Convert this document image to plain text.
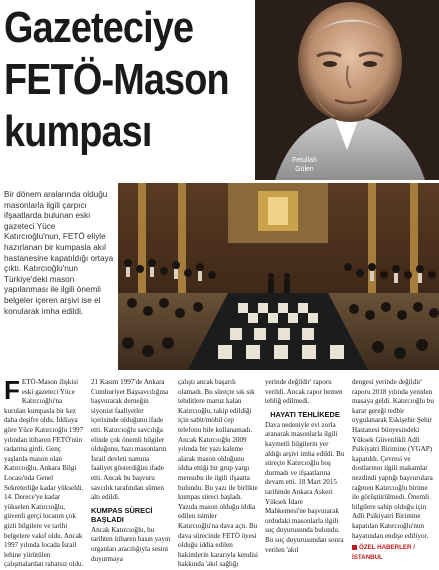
Gazeteciye
FETÖ-Mason
kumpası
Fetullah
Gülen

Bir dönem aralarında olduğu masonlarla ilgili çarpıcı ifşaatlarda bulunan eski gazeteci Yüce Katırcıoğlu'nun, FETÖ eliyle hazırlanan bir kumpasla akıl hastanesine kapatıldığı ortaya çıktı. Katırcıoğlu'nun Türkiye'deki mason yapılanması ile ilgili önemli belgeler içeren arşivi ise el konularak imha edildi.

FETÖ-Mason ilişkisi eski gazeteci Yüce Katırcıoğlu'na kurulan kumpasla bir kez daha deşifre oldu. İddiaya göre Yüce Katırcıoğlu 1997 yılından itibaren FETÖ'nün radarına girdi. Genç yaşlarda mason olan Katırcıoğlu, Ankara Bilgi Locası'nda Genel Sekreterliğe kadar yükseldi. 14. Derece'ye kadar yükselen Katırcıoğlu, güvenli gerçi locanın çok gizli bilgilere ve tarihi belgelere vakıf oldu. Ancak 1997 yılında locada İsrail lehine yürütülen çalışmalardan rahatsız oldu.

21 Kasım 1997'de Ankara Cumhuriyet Başsavcılığına başvurarak derneğin siyonist faaliyetler içerisinde olduğunu ifade etti. Katırcıoğlu savcılığa elinde çok önemli bilgiler olduğunu, bazı masonların İsrail devleti namına faaliyet gösterdiğini ifade etti. Ancak bu başvuru savcılık tarafından sümen altı edildi.

KUMPAS SÜRECİ BAŞLADI

Ancak Katırcıoğlu, bu tarihten itibaren basın yayın organları aracılığıyla sesini duyurmaya

çalıştı ancak başarılı olamadı. Bu süreçte sık sık tehditlere maruz kalan Katırcıoğlu, takip edildiği için sabit/mobil cep telefonu bile kullanamadı. Ancak Katırcıoğlu 2009 yılında bir yazı kaleme alarak mason olduğunu iddia ettiği bir grup yargı mensubu ile ilgili ifşaatta bulundu. Bu yazı ile birlikte kumpas süreci başladı. Yazıda mason olduğu iddia edilen isimler Katırcıoğlu'na dava açtı. Bu dava sürecinde FETÖ üyesi olduğu iddia edilen hakimlerin kararıyla kendisi hakkında 'akıl sağlığı

yerinde değildir' raporu verildi. Ancak rapor hemen tebliğ edilmedi.

HAYATI TEHLİKEDE

Dava nedeniyle evi zorla aranarak masonlarla ilgili kaymetli bilgilerin yer aldığı arşivi imha edildi. Bu süreçte Katırcıoğlu boş durmadı ve ifşaatlarına devam etti. 18 Mart 2015 tarihinde Ankara Askeri Yüksek İdare Mahkemesi'ne başvurarak ordudaki masonlarla ilgili suç duyurusunda bulundu. Bu suç duyurusundan sonra verilen 'akıl

dengesi yerinde değildir' raporu 2018 yılında yeniden masaya geldi. Katırcıoğlu bu karar gereği tedbir uygulanarak Eskişehir Şehir Hastanesi bünyesindeki Yüksek Güvenlikli Adli Psikiyatri Birimine (YGAP) kapatıldı. Çevresi ve dostlarının ilgili makamlar nezdindi yaptığı başvurulara rağmen Katırcıoğlu birime ile görüştürülmedi. Önemli bilgilere sahip olduğu için Adli Psikiyatri Birimine kapatılan Katırcıoğlu'nun hayatından endişe ediliyor.

ÖZEL HABERLER / İSTANBUL
